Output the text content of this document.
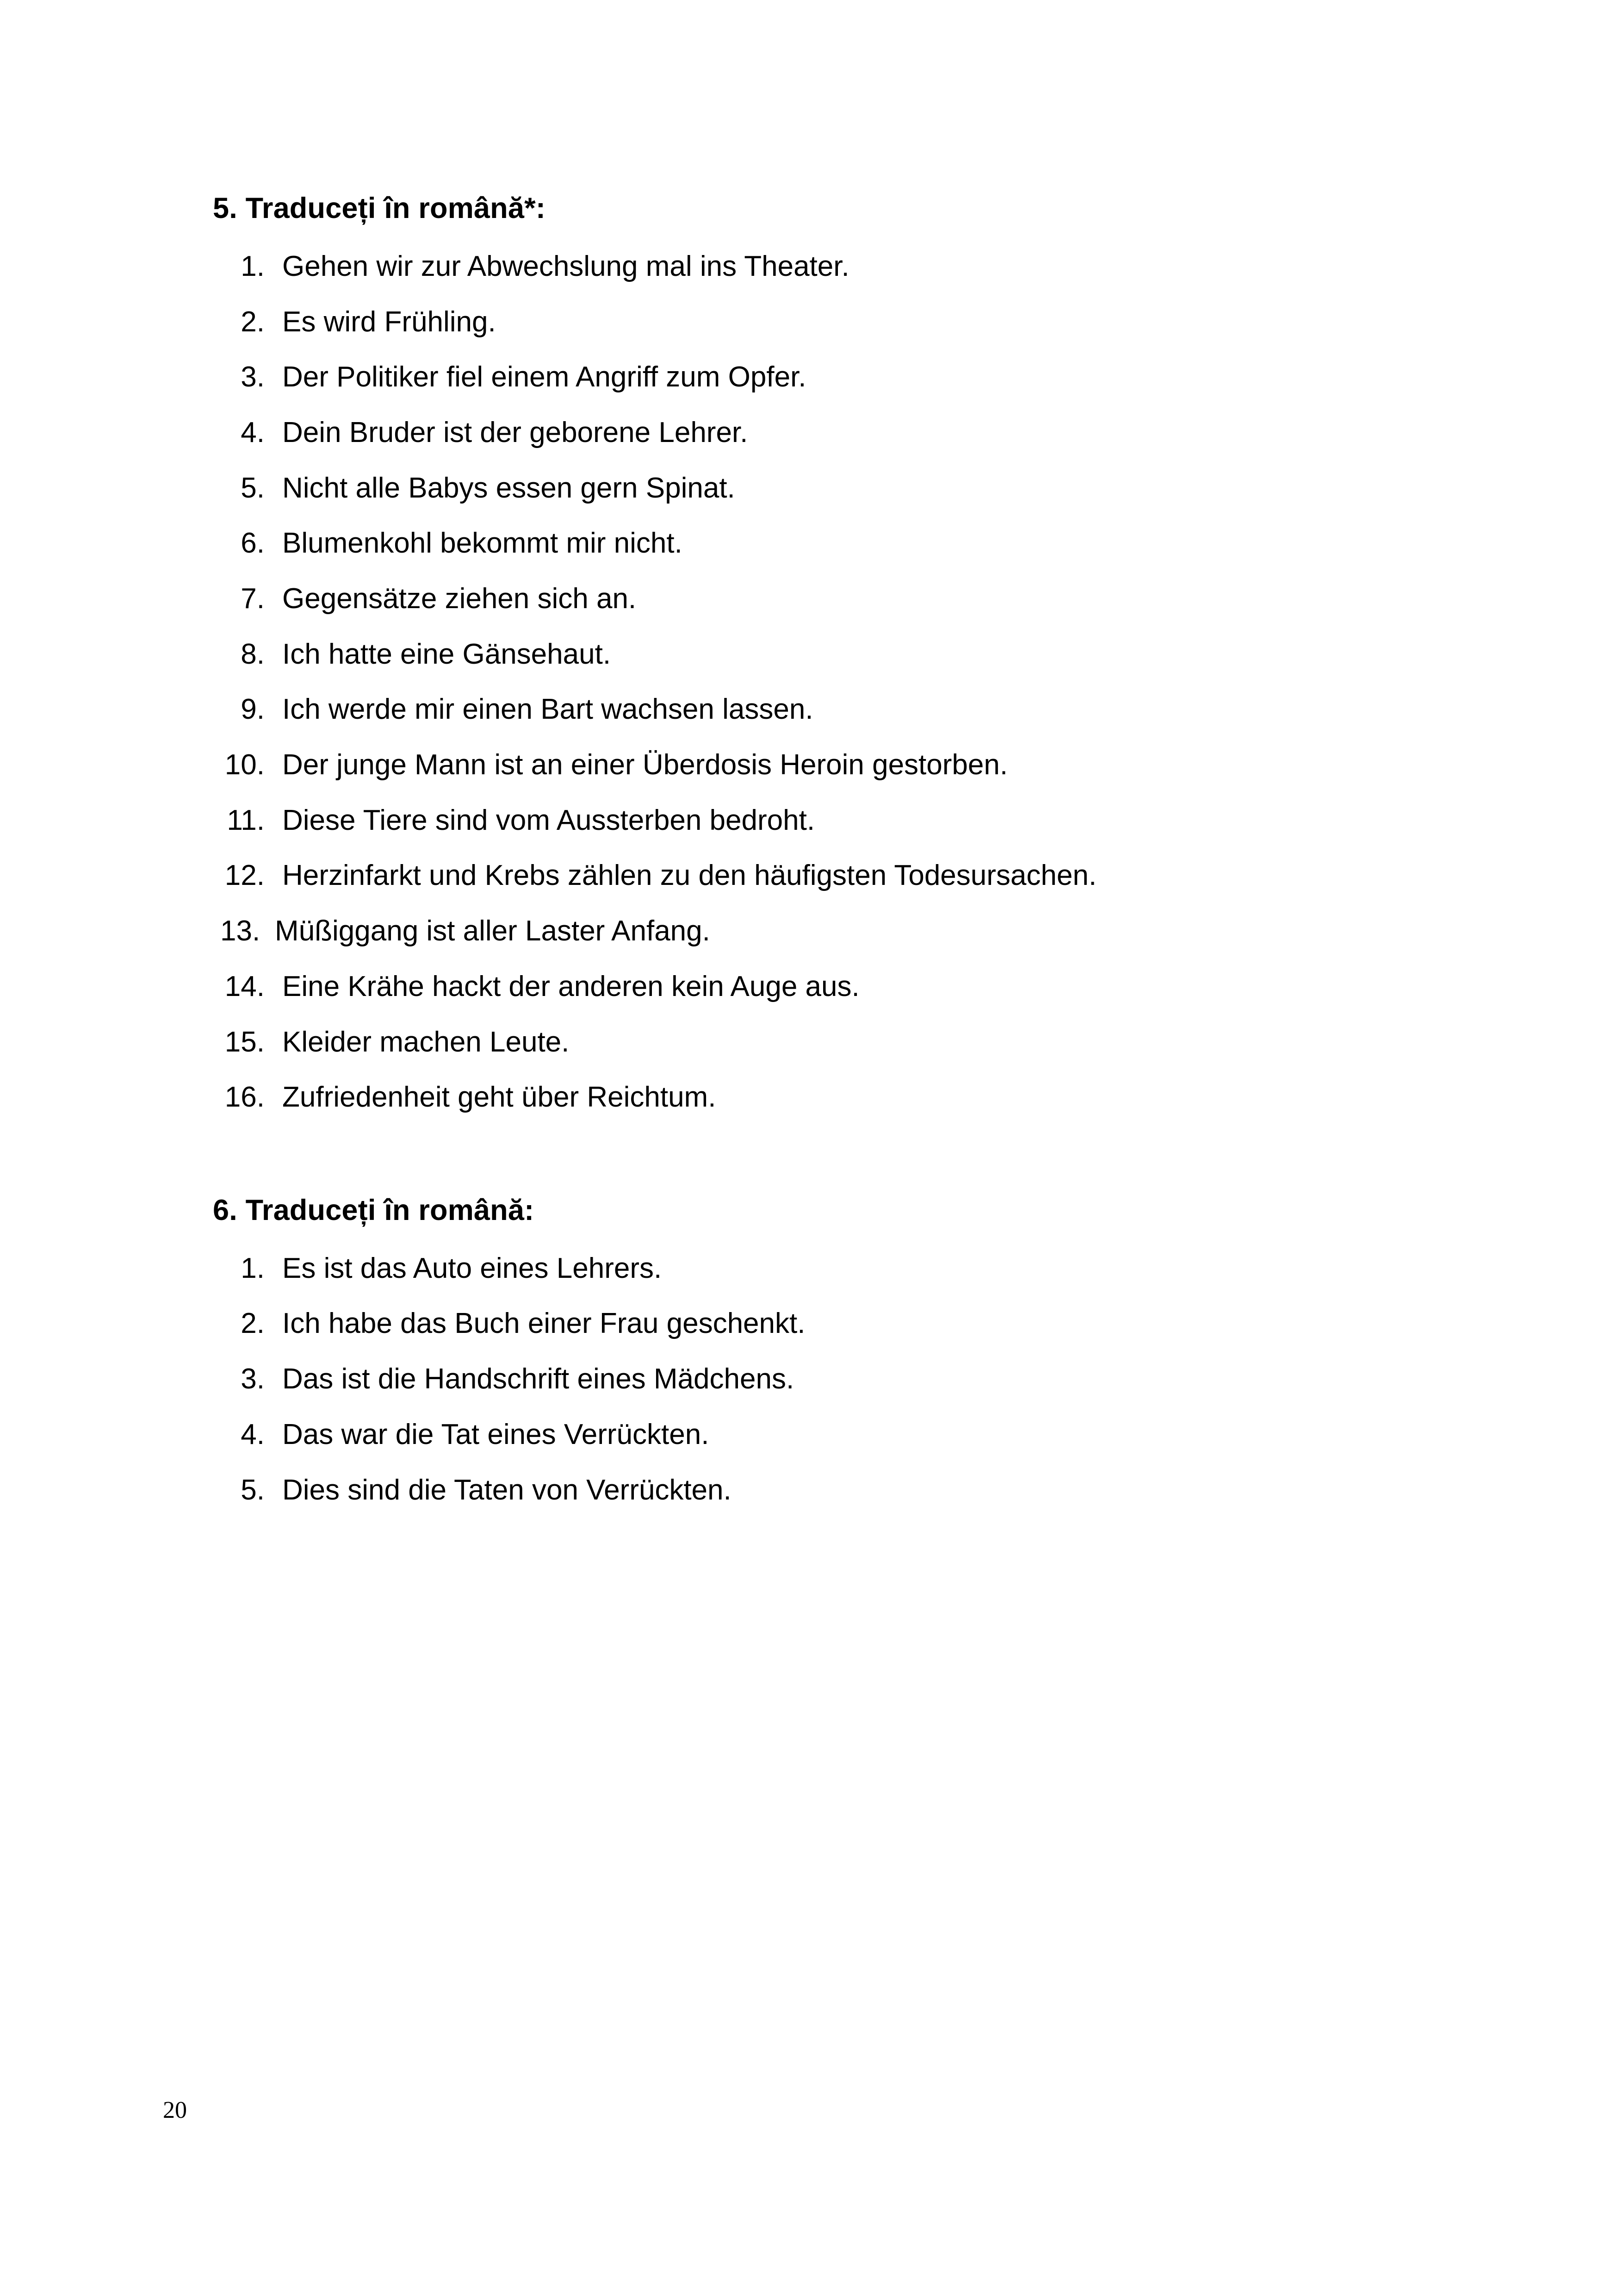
5. Traduceți în română*:
1. Gehen wir zur Abwechslung mal ins Theater.
2. Es wird Frühling.
3. Der Politiker fiel einem Angriff zum Opfer.
4. Dein Bruder ist der geborene Lehrer.
5. Nicht alle Babys essen gern Spinat.
6. Blumenkohl bekommt mir nicht.
7. Gegensätze ziehen sich an.
8. Ich hatte eine Gänsehaut.
9. Ich werde mir einen Bart wachsen lassen.
10. Der junge Mann ist an einer Überdosis Heroin gestorben.
11. Diese Tiere sind vom Aussterben bedroht.
12. Herzinfarkt und Krebs zählen zu den häufigsten Todesursachen.
13. Müßiggang ist aller Laster Anfang.
14. Eine Krähe hackt der anderen kein Auge aus.
15. Kleider machen Leute.
16. Zufriedenheit geht über Reichtum.
6. Traduceți în română:
1. Es ist das Auto eines Lehrers.
2. Ich habe das Buch einer Frau geschenkt.
3. Das ist die Handschrift eines Mädchens.
4. Das war die Tat eines Verrückten.
5. Dies sind die Taten von Verrückten.
20
